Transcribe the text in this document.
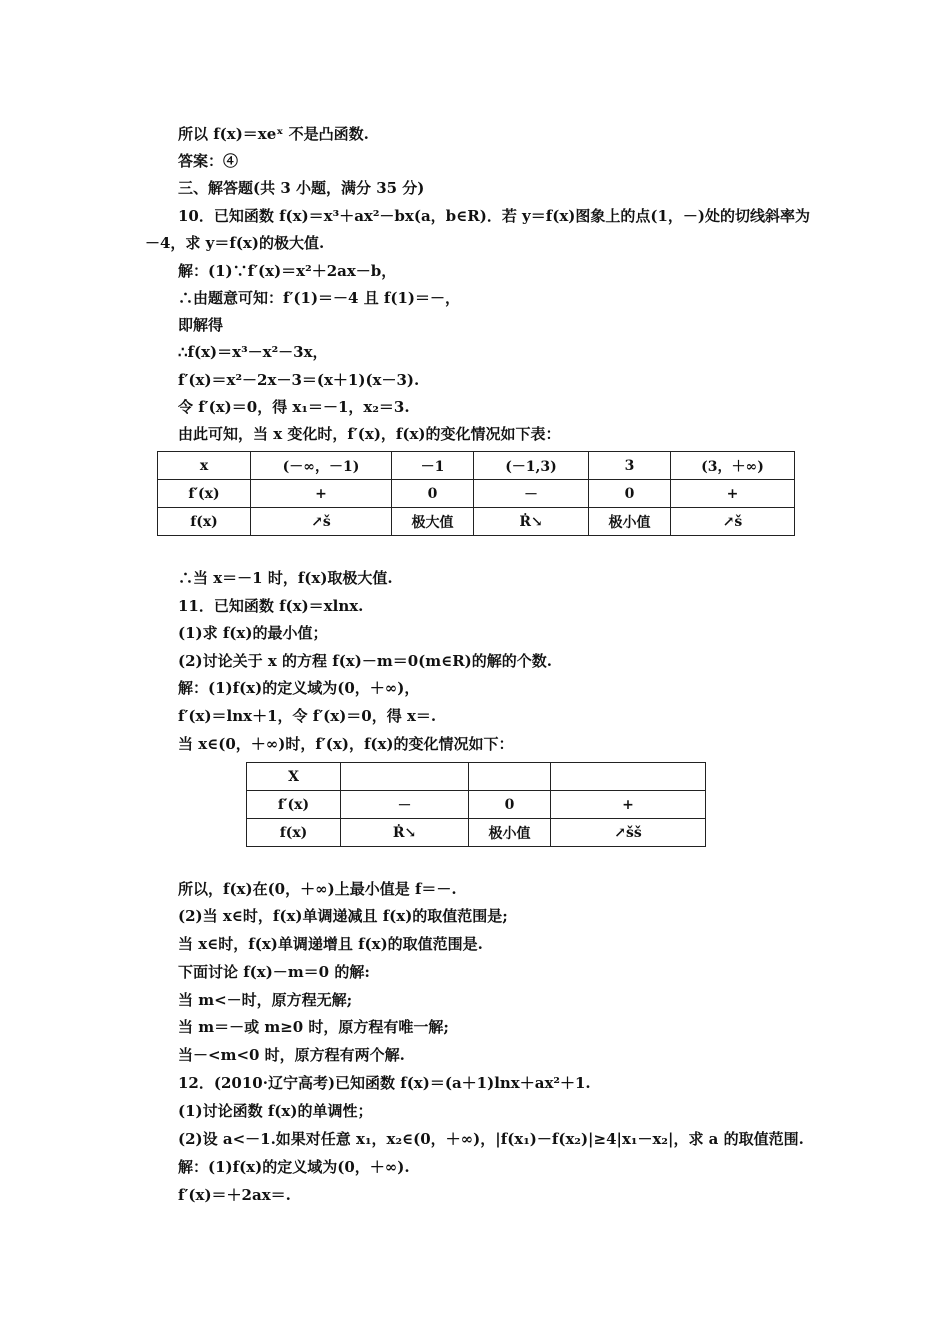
所以 f(x)＝xeˣ 不是凸函数.
答案：④
三、解答题(共 3 小题，满分 35 分)
10．已知函数 f(x)＝x³＋ax²－bx(a，b∈R)．若 y＝f(x)图象上的点(1，－)处的切线斜率为
－4，求 y＝f(x)的极大值.
解：(1)∵f′(x)＝x²＋2ax－b，
∴由题意可知：f′(1)＝－4 且 f(1)＝－，
即解得
∴f(x)＝x³－x²－3x，
f′(x)＝x²－2x－3＝(x＋1)(x－3).
令 f′(x)＝0，得 x₁＝－1，x₂＝3.
由此可知，当 x 变化时，f′(x)，f(x)的变化情况如下表：
x	(－∞，－1)	－1	(－1,3)	3	(3，＋∞)
f′(x)	+	0	－	0	+
f(x)	↗š	极大值	Ṙ↘	极小值	↗š
∴当 x＝－1 时，f(x)取极大值.
11．已知函数 f(x)＝xlnx.
(1)求 f(x)的最小值；
(2)讨论关于 x 的方程 f(x)－m＝0(m∈R)的解的个数.
解：(1)f(x)的定义域为(0，＋∞)，
f′(x)＝lnx＋1，令 f′(x)＝0，得 x＝.
当 x∈(0，＋∞)时，f′(x)，f(x)的变化情况如下：
X			
f′(x)	－	0	+
f(x)	Ṙ↘	极小值	↗šš
所以，f(x)在(0，＋∞)上最小值是 f＝－.
(2)当 x∈时，f(x)单调递减且 f(x)的取值范围是;
当 x∈时，f(x)单调递增且 f(x)的取值范围是.
下面讨论 f(x)－m＝0 的解:
当 m<－时，原方程无解;
当 m＝－或 m≥0 时，原方程有唯一解;
当－<m<0 时，原方程有两个解.
12．(2010·辽宁高考)已知函数 f(x)＝(a＋1)lnx＋ax²＋1.
(1)讨论函数 f(x)的单调性；
(2)设 a<－1.如果对任意 x₁，x₂∈(0，＋∞)，|f(x₁)－f(x₂)|≥4|x₁－x₂|，求 a 的取值范围.
解：(1)f(x)的定义域为(0，＋∞).
f′(x)＝＋2ax＝.
